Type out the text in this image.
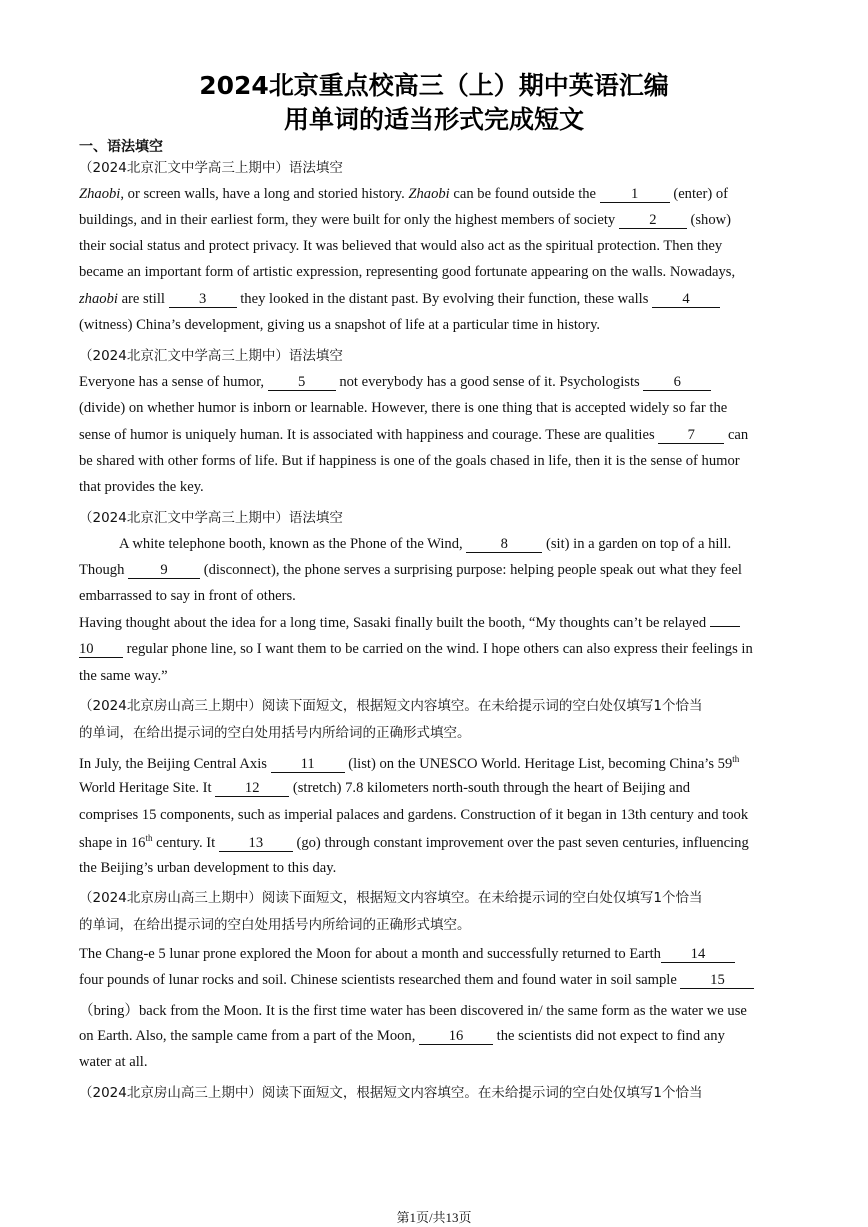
2024北京重点校高三（上）期中英语汇编
用单词的适当形式完成短文
一、语法填空
（2024北京汇文中学高三上期中）语法填空
Zhaobi, or screen walls, have a long and storied history. Zhaobi can be found outside the 1 (enter) of
buildings, and in their earliest form, they were built for only the highest members of society 2 (show)
their social status and protect privacy. It was believed that would also act as the spiritual protection. Then they
became an important form of artistic expression, representing good fortunate appearing on the walls. Nowadays,
zhaobi are still 3 they looked in the distant past. By evolving their function, these walls 4
(witness) China’s development, giving us a snapshot of life at a particular time in history.
（2024北京汇文中学高三上期中）语法填空
Everyone has a sense of humor, 5 not everybody has a good sense of it. Psychologists 6
(divide) on whether humor is inborn or learnable. However, there is one thing that is accepted widely so far the
sense of humor is uniquely human. It is associated with happiness and courage. These are qualities 7 can
be shared with other forms of life. But if happiness is one of the goals chased in life, then it is the sense of humor
that provides the key.
（2024北京汇文中学高三上期中）语法填空
A white telephone booth, known as the Phone of the Wind, 8 (sit) in a garden on top of a hill.
Though 9 (disconnect), the phone serves a surprising purpose: helping people speak out what they feel
embarrassed to say in front of others.
Having thought about the idea for a long time, Sasaki finally built the booth, “My thoughts can’t be relayed
10 regular phone line, so I want them to be carried on the wind. I hope others can also express their feelings in
the same way.”
（2024北京房山高三上期中）阅读下面短文，根据短文内容填空。在未给提示词的空白处仅填写1个恰当
的单词，在给出提示词的空白处用括号内所给词的正确形式填空。
In July, the Beijing Central Axis 11 (list) on the UNESCO World. Heritage List, becoming China’s 59th
World Heritage Site. It 12 (stretch) 7.8 kilometers north-south through the heart of Beijing and
comprises 15 components, such as imperial palaces and gardens. Construction of it began in 13th century and took
shape in 16th century. It 13 (go) through constant improvement over the past seven centuries, influencing
the Beijing’s urban development to this day.
（2024北京房山高三上期中）阅读下面短文，根据短文内容填空。在未给提示词的空白处仅填写1个恰当
的单词，在给出提示词的空白处用括号内所给词的正确形式填空。
The Chang-e 5 lunar prone explored the Moon for about a month and successfully returned to Earth 14
four pounds of lunar rocks and soil. Chinese scientists researched them and found water in soil sample 15
（bring）back from the Moon. It is the first time water has been discovered in/ the same form as the water we use
on Earth. Also, the sample came from a part of the Moon, 16 the scientists did not expect to find any
water at all.
（2024北京房山高三上期中）阅读下面短文，根据短文内容填空。在未给提示词的空白处仅填写1个恰当
第1页/共13页
